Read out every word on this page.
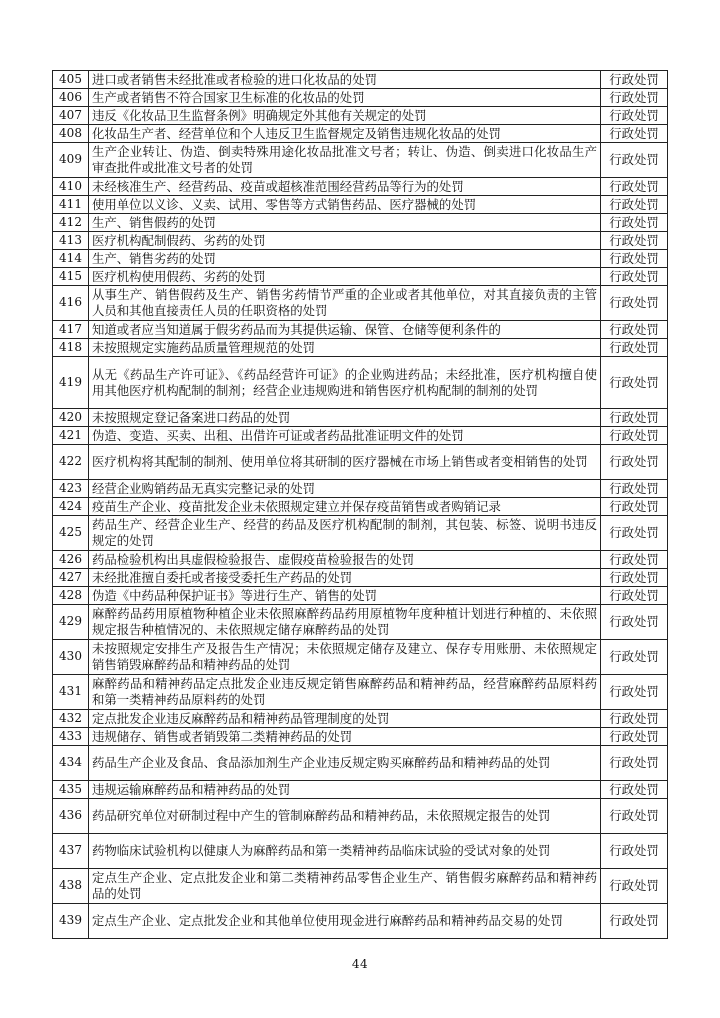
405	进口或者销售未经批准或者检验的进口化妆品的处罚	行政处罚
406	生产或者销售不符合国家卫生标准的化妆品的处罚	行政处罚
407	违反《化妆品卫生监督条例》明确规定外其他有关规定的处罚	行政处罚
408	化妆品生产者、经营单位和个人违反卫生监督规定及销售违规化妆品的处罚	行政处罚
409	生产企业转让、伪造、倒卖特殊用途化妆品批准文号者；转让、伪造、倒卖进口化妆品生产审查批件或批准文号者的处罚	行政处罚
410	未经核准生产、经营药品、疫苗或超核准范围经营药品等行为的处罚	行政处罚
411	使用单位以义诊、义卖、试用、零售等方式销售药品、医疗器械的处罚	行政处罚
412	生产、销售假药的处罚	行政处罚
413	医疗机构配制假药、劣药的处罚	行政处罚
414	生产、销售劣药的处罚	行政处罚
415	医疗机构使用假药、劣药的处罚	行政处罚
416	从事生产、销售假药及生产、销售劣药情节严重的企业或者其他单位，对其直接负责的主管人员和其他直接责任人员的任职资格的处罚	行政处罚
417	知道或者应当知道属于假劣药品而为其提供运输、保管、仓储等便利条件的	行政处罚
418	未按照规定实施药品质量管理规范的处罚	行政处罚
419	从无《药品生产许可证》、《药品经营许可证》的企业购进药品；未经批准，医疗机构擅自使用其他医疗机构配制的制剂；经营企业违规购进和销售医疗机构配制的制剂的处罚	行政处罚
420	未按照规定登记备案进口药品的处罚	行政处罚
421	伪造、变造、买卖、出租、出借许可证或者药品批准证明文件的处罚	行政处罚
422	医疗机构将其配制的制剂、使用单位将其研制的医疗器械在市场上销售或者变相销售的处罚	行政处罚
423	经营企业购销药品无真实完整记录的处罚	行政处罚
424	疫苗生产企业、疫苗批发企业未依照规定建立并保存疫苗销售或者购销记录	行政处罚
425	药品生产、经营企业生产、经营的药品及医疗机构配制的制剂，其包装、标签、说明书违反规定的处罚	行政处罚
426	药品检验机构出具虚假检验报告、虚假疫苗检验报告的处罚	行政处罚
427	未经批准擅自委托或者接受委托生产药品的处罚	行政处罚
428	伪造《中药品种保护证书》等进行生产、销售的处罚	行政处罚
429	麻醉药品药用原植物种植企业未依照麻醉药品药用原植物年度种植计划进行种植的、未依照规定报告种植情况的、未依照规定储存麻醉药品的处罚	行政处罚
430	未按照规定安排生产及报告生产情况；未依照规定储存及建立、保存专用账册、未依照规定销售销毁麻醉药品和精神药品的处罚	行政处罚
431	麻醉药品和精神药品定点批发企业违反规定销售麻醉药品和精神药品，经营麻醉药品原料药和第一类精神药品原料药的处罚	行政处罚
432	定点批发企业违反麻醉药品和精神药品管理制度的处罚	行政处罚
433	违规储存、销售或者销毁第二类精神药品的处罚	行政处罚
434	药品生产企业及食品、食品添加剂生产企业违反规定购买麻醉药品和精神药品的处罚	行政处罚
435	违规运输麻醉药品和精神药品的处罚	行政处罚
436	药品研究单位对研制过程中产生的管制麻醉药品和精神药品，未依照规定报告的处罚	行政处罚
437	药物临床试验机构以健康人为麻醉药品和第一类精神药品临床试验的受试对象的处罚	行政处罚
438	定点生产企业、定点批发企业和第二类精神药品零售企业生产、销售假劣麻醉药品和精神药品的处罚	行政处罚
439	定点生产企业、定点批发企业和其他单位使用现金进行麻醉药品和精神药品交易的处罚	行政处罚
44
